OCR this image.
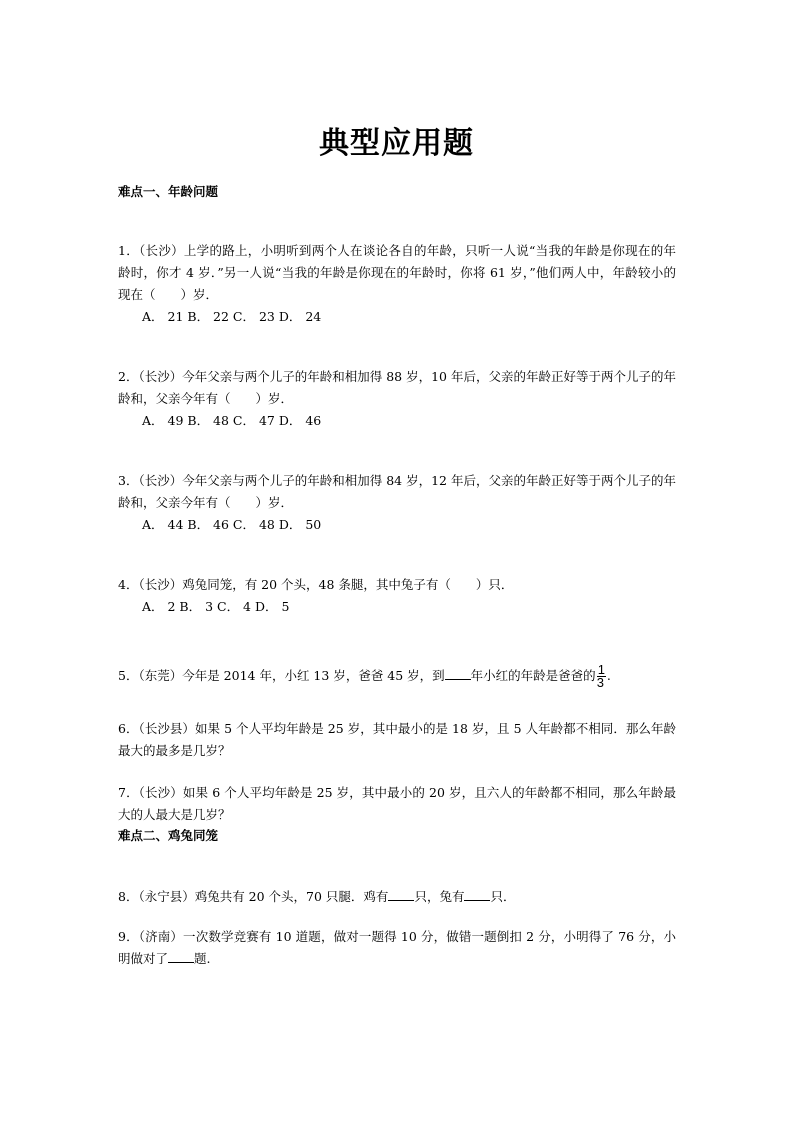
典型应用题
难点一、年龄问题

1．（长沙）上学的路上，小明听到两个人在谈论各自的年龄，只听一人说“当我的年龄是你现在的年龄时，你才 4 岁．”另一人说“当我的年龄是你现在的年龄时，你将 61 岁，”他们两人中，年龄较小的现在（　　）岁．

A． 21 B． 22 C． 23 D． 24

2．（长沙）今年父亲与两个儿子的年龄和相加得 88 岁，10 年后，父亲的年龄正好等于两个儿子的年龄和，父亲今年有（　　）岁．

A． 49 B． 48 C． 47 D． 46

3．（长沙）今年父亲与两个儿子的年龄和相加得 84 岁，12 年后，父亲的年龄正好等于两个儿子的年龄和，父亲今年有（　　）岁．

A． 44 B． 46 C． 48 D． 50

4．（长沙）鸡兔同笼，有 20 个头，48 条腿，其中兔子有（　　）只．

A． 2 B． 3 C． 4 D． 5

5．（东莞）今年是 2014 年，小红 13 岁，爸爸 45 岁，到 年小红的年龄是爸爸的 $\frac{1}{3}$ .

6．（长沙县）如果 5 个人平均年龄是 25 岁，其中最小的是 18 岁，且 5 人年龄都不相同．那么年龄最大的最多是几岁？

7．（长沙）如果 6 个人平均年龄是 25 岁，其中最小的 20 岁，且六人的年龄都不相同，那么年龄最大的人最大是几岁？

难点二、鸡兔同笼

8．（永宁县）鸡兔共有 20 个头，70 只腿．鸡有 只，兔有 只．

9．（济南）一次数学竞赛有 10 道题，做对一题得 10 分，做错一题倒扣 2 分，小明得了 76 分，小明做对了 题.
